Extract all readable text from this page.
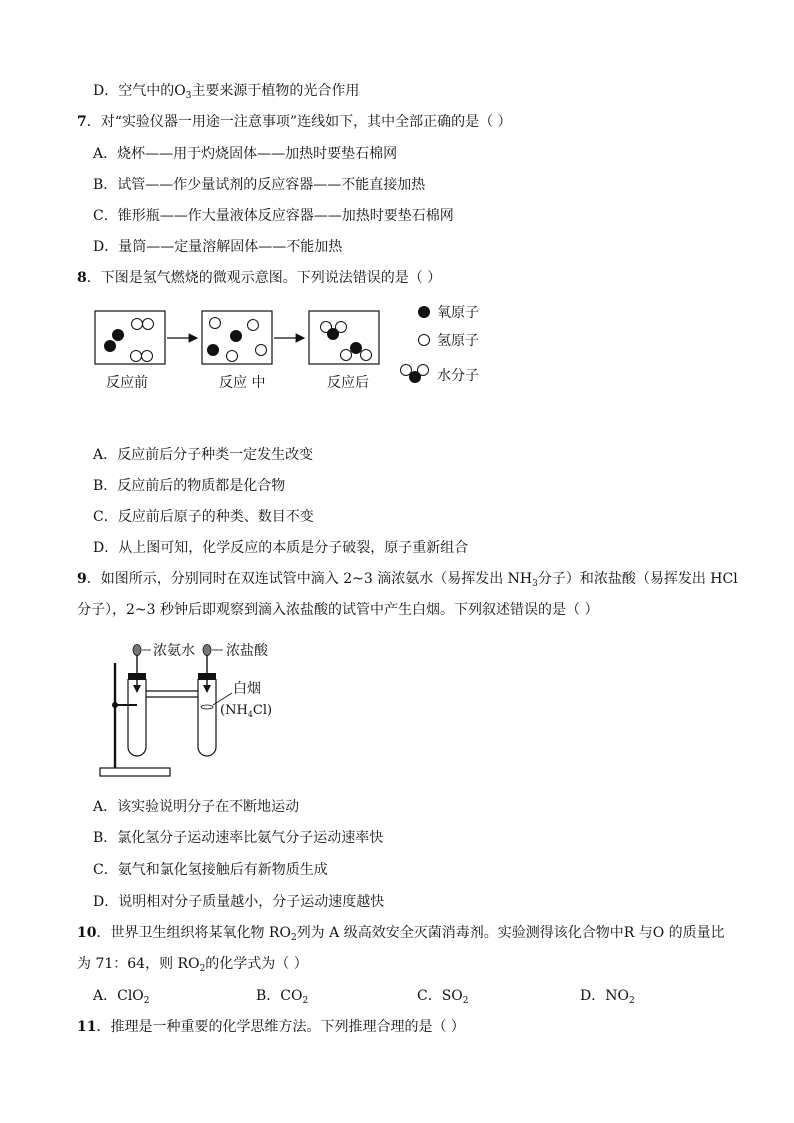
D．空气中的$O_3$主要来源于植物的光合作用
7．对“实验仪器一用途一注意事项”连线如下，其中全部正确的是（ ）
A．烧杯——用于灼烧固体——加热时要垫石棉网
B．试管——作少量试剂的反应容器——不能直接加热
C．锥形瓶——作大量液体反应容器——加热时要垫石棉网
D．量筒——定量溶解固体——不能加热
8．下图是氢气燃烧的微观示意图。下列说法错误的是（ ）
反应前	反应 中	反应后
氧原子
氢原子
水分子
A．反应前后分子种类一定发生改变
B．反应前后的物质都是化合物
C．反应前后原子的种类、数目不变
D．从上图可知，化学反应的本质是分子破裂，原子重新组合
9．如图所示，分别同时在双连试管中滴入 2~3 滴浓氨水（易挥发出 $NH_3$分子）和浓盐酸（易挥发出 HCl
分子），2~3 秒钟后即观察到滴入浓盐酸的试管中产生白烟。下列叙述错误的是（ ）
浓氨水 浓盐酸
白烟
$(NH_4Cl)$
A．该实验说明分子在不断地运动
B．氯化氢分子运动速率比氨气分子运动速率快
C．氨气和氯化氢接触后有新物质生成
D．说明相对分子质量越小，分子运动速度越快
10．世界卫生组织将某氧化物 $RO_2$列为 A 级高效安全灭菌消毒剂。实验测得该化合物中R 与O 的质量比
为 71：64，则 $RO_2$的化学式为（ ）
A．ClO$_2$	B．$CO_2$	C．$SO_2$	D．$NO_2$
11．推理是一种重要的化学思维方法。下列推理合理的是（ ）
